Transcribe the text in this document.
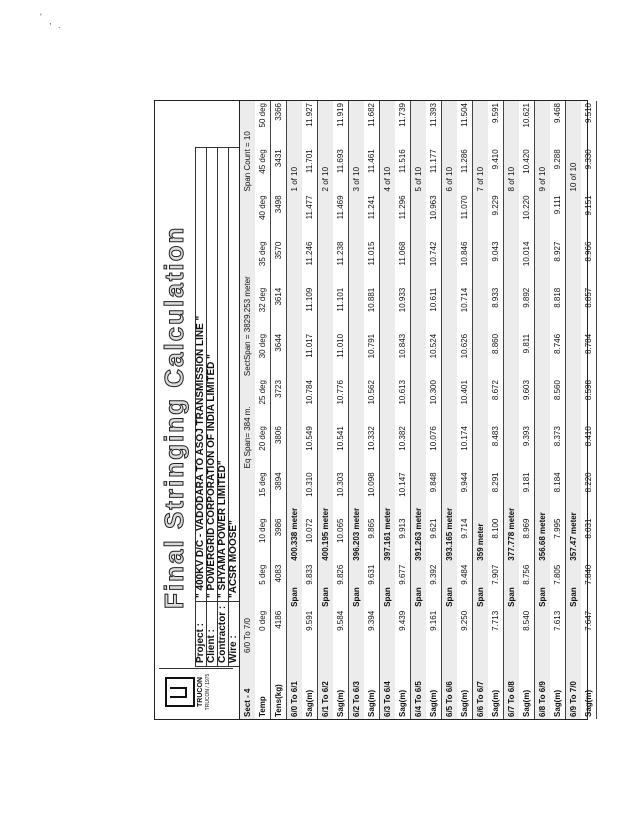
' , .
TRUCON TRUCON / 1975
Final Stringing Calculation
Project :	" 400KV D/C - VADODARA TO ASOJ TRANSMISSION LINE "
Client :	" POWERGRID CORPORATION OF INDIA LIMITED "
Contractor :	" SHYAMA POWER LIMITED"
Wire :	"ACSR MOOSE"
Sect - 4	6/0 To 7/0				Eq Span= 384 m.		SectSpan = 3829.253 meter				Span Count = 10	
Temp	0 deg	5 deg	10 deg	15 deg	20 deg	25 deg	30 deg	32 deg	35 deg	40 deg	45 deg	50 deg
Tens(kg)	4186	4083	3986	3894	3806	3723	3644	3614	3570	3498	3431	3366
6/0 To 6/1		Span	400.338 meter								1 of 10	
Sag(m)	9.591	9.833	10.072	10.310	10.549	10.784	11.017	11.109	11.246	11.477	11.701	11.927
6/1 To 6/2		Span	400.195 meter								2 of 10	
Sag(m)	9.584	9.826	10.065	10.303	10.541	10.776	11.010	11.101	11.238	11.469	11.693	11.919
6/2 To 6/3		Span	396.203 meter								3 of 10	
Sag(m)	9.394	9.631	9.865	10.098	10.332	10.562	10.791	10.881	11.015	11.241	11.461	11.682
6/3 To 6/4		Span	397.161 meter								4 of 10	
Sag(m)	9.439	9.677	9.913	10.147	10.382	10.613	10.843	10.933	11.068	11.296	11.516	11.739
6/4 To 6/5		Span	391.263 meter								5 of 10	
Sag(m)	9.161	9.392	9.621	9.848	10.076	10.300	10.524	10.611	10.742	10.963	11.177	11.393
6/5 To 6/6		Span	393.165 meter								6 of 10	
Sag(m)	9.250	9.484	9.714	9.944	10.174	10.401	10.626	10.714	10.846	11.070	11.286	11.504
6/6 To 6/7		Span	359 meter								7 of 10	
Sag(m)	7.713	7.907	8.100	8.291	8.483	8.672	8.860	8.933	9.043	9.229	9.410	9.591
6/7 To 6/8		Span	377.778 meter								8 of 10	
Sag(m)	8.540	8.756	8.969	9.181	9.393	9.603	9.811	9.892	10.014	10.220	10.420	10.621
6/8 To 6/9		Span	356.68 meter								9 of 10	
Sag(m)	7.613	7.805	7.995	8.184	8.373	8.560	8.746	8.818	8.927	9.111	9.288	9.468
6/9 To 7/0		Span	357.47 meter								10 of 10	
Sag(m)	7.647	7.840	8.031	8.220	8.410	8.598	8.784	8.857	8.966	9.151	9.330	9.510
